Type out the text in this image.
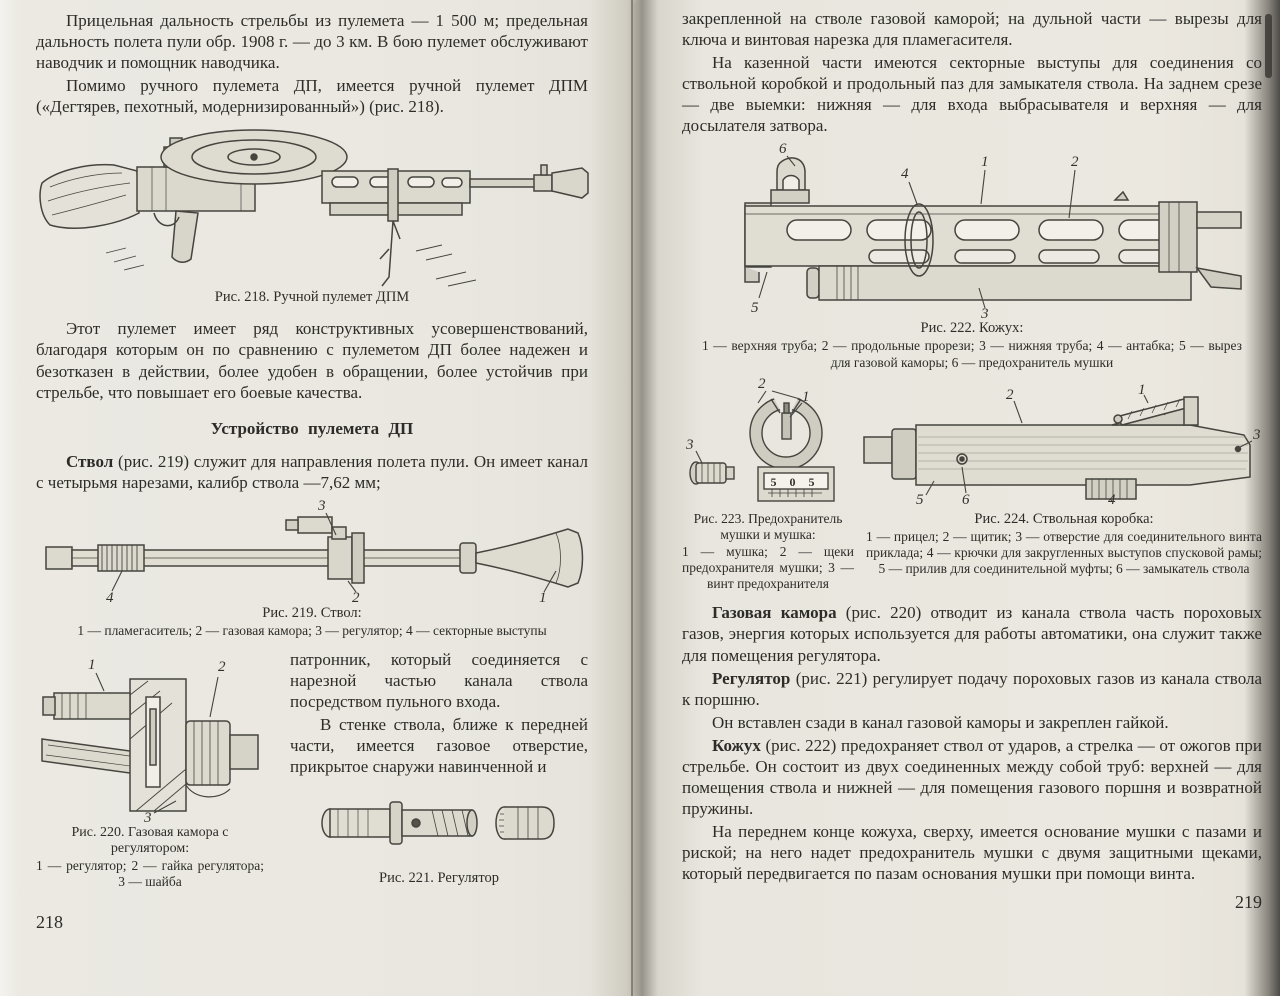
Прицельная дальность стрельбы из пулемета — 1 500 м; предельная дальность полета пули обр. 1908 г. — до 3 км. В бою пулемет обслуживают наводчик и помощник наводчика.

Помимо ручного пулемета ДП, имеется ручной пулемет ДПМ («Дегтярев, пехотный, модернизированный») (рис. 218).

Рис. 218. Ручной пулемет ДПМ

Этот пулемет имеет ряд конструктивных усовершенствований, благодаря которым он по сравнению с пулеметом ДП более надежен и безотказен в действии, более удобен в обращении, более устойчив при стрельбе, что повышает его боевые качества.

Устройство пулемета ДП

Ствол (рис. 219) служит для направления полета пули. Он имеет канал с четырьмя нарезами, калибр ствола —7,62 мм;

3
4	2	1

Рис. 219. Ствол:

1 — пламегаситель; 2 — газовая камора; 3 — регулятор; 4 — секторные выступы

1	2
3

Рис. 220. Газовая камора с регулятором:

1 — регулятор; 2 — гайка регулятора; 3 — шайба

патронник, который соединяется с нарезной частью канала ствола посредством пульного входа.

В стенке ствола, ближе к передней части, имеется газовое отверстие, прикрытое снаружи навинченной и

Рис. 221. Регулятор

218

закрепленной на стволе газовой каморой; на дульной части — вырезы для ключа и винтовая нарезка для пламегасителя.

На казенной части имеются секторные выступы для соединения со ствольной коробкой и продольный паз для замыкателя ствола. На заднем срезе — две выемки: нижняя — для входа выбрасывателя и верхняя — для досылателя затвора.

6
4
1	2
5	3

Рис. 222. Кожух:

1 — верхняя труба; 2 — продольные прорези; 3 — нижняя труба; 4 — антабка; 5 — вырез для газовой каморы; 6 — предохранитель мушки

2
1
3
5 0 5
2	1
3
5	6	4

Рис. 223. Предохранитель мушки и мушка:

1 — мушка; 2 — щеки предохранителя мушки; 3 — винт предохранителя

Рис. 224. Ствольная коробка:

1 — прицел; 2 — щитик; 3 — отверстие для соединительного винта приклада; 4 — крючки для закругленных выступов спусковой рамы; 5 — прилив для соединительной муфты; 6 — замыкатель ствола

Газовая камора (рис. 220) отводит из канала ствола часть пороховых газов, энергия которых используется для работы автоматики, она служит также для помещения регулятора.

Регулятор (рис. 221) регулирует подачу пороховых газов из канала ствола к поршню.

Он вставлен сзади в канал газовой каморы и закреплен гайкой.

Кожух (рис. 222) предохраняет ствол от ударов, а стрелка — от ожогов при стрельбе. Он состоит из двух соединенных между собой труб: верхней — для помещения ствола и нижней — для помещения газового поршня и возвратной пружины.

На переднем конце кожуха, сверху, имеется основание мушки с пазами и риской; на него надет предохранитель мушки с двумя защитными щеками, который передвигается по пазам основания мушки при помощи винта.

219
